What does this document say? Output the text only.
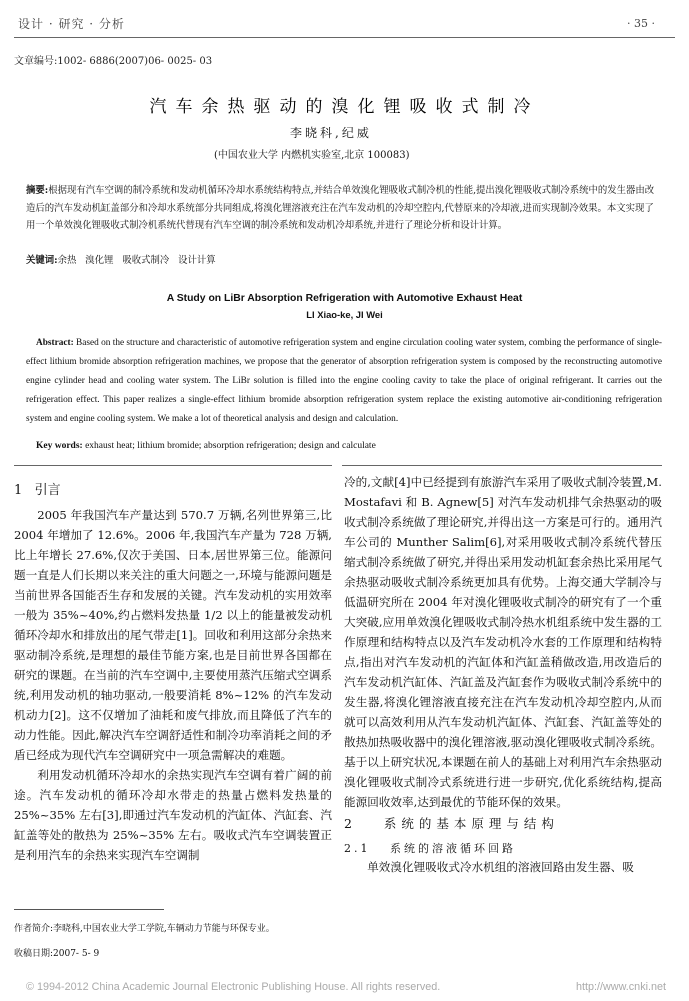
设计 · 研究 · 分析	· 35 ·
文章编号:1002- 6886(2007)06- 0025- 03
汽车余热驱动的溴化锂吸收式制冷
李晓科,纪威
(中国农业大学 内燃机实验室,北京 100083)
摘要:根据现有汽车空调的制冷系统和发动机循环冷却水系统结构特点,并结合单效溴化锂吸收式制冷机的性能,提出溴化锂吸收式制冷系统中的发生器由改造后的汽车发动机缸盖部分和冷却水系统部分共同组成,将溴化锂溶液充注在汽车发动机的冷却空腔内,代替原来的冷却液,进而实现制冷效果。本文实现了用一个单效溴化锂吸收式制冷机系统代替现有汽车空调的制冷系统和发动机冷却系统,并进行了理论分析和设计计算。
关键词:余热   溴化锂   吸收式制冷   设计计算
A Study on LiBr Absorption Refrigeration with Automotive Exhaust Heat
LI Xiao-ke, JI Wei
Abstract: Based on the structure and characteristic of automotive refrigeration system and engine circulation cooling water system, combing the performance of single-effect lithium bromide absorption refrigeration machines, we propose that the generator of absorption refrigeration system is composed by the reconstructing automotive engine cylinder head and cooling water system. The LiBr solution is filled into the engine cooling cavity to take the place of original refrigerant. It carries out the refrigeration effect. This paper realizes a single-effect lithium bromide absorption refrigeration system replace the existing automotive air-conditioning refrigeration system and engine cooling system. We make a lot of theoretical analysis and design and calculation.
Key words: exhaust heat; lithium bromide; absorption refrigeration; design and calculate
1   引言

2005 年我国汽车产量达到 570.7 万辆,名列世界第三,比 2004 年增加了 12.6%。2006 年,我国汽车产量为 728 万辆,比上年增长 27.6%,仅次于美国、日本,居世界第三位。能源问题一直是人们长期以来关注的重大问题之一,环境与能源问题是当前世界各国能否生存和发展的关键。汽车发动机的实用效率一般为 35%~40%,约占燃料发热量 1/2 以上的能量被发动机循环冷却水和排放出的尾气带走[1]。回收和利用这部分余热来驱动制冷系统,是理想的最佳节能方案,也是目前世界各国都在研究的课题。在当前的汽车空调中,主要使用蒸汽压缩式空调系统,利用发动机的轴功驱动,一般要消耗 8%~12% 的汽车发动机动力[2]。这不仅增加了油耗和废气排放,而且降低了汽车的动力性能。因此,解决汽车空调舒适性和制冷功率消耗之间的矛盾已经成为现代汽车空调研究中一项急需解决的难题。

利用发动机循环冷却水的余热实现汽车空调有着广阔的前途。汽车发动机的循环冷却水带走的热量占燃料发热量的 25%~35% 左右[3],即通过汽车发动机的汽缸体、汽缸套、汽缸盖等处的散热为 25%~35% 左右。吸收式汽车空调装置正是利用汽车的余热来实现汽车空调制

冷的,文献[4]中已经提到有旅游汽车采用了吸收式制冷装置,M. Mostafavi 和 B. Agnew[5] 对汽车发动机排气余热驱动的吸收式制冷系统做了理论研究,并得出这一方案是可行的。通用汽车公司的 Munther Salim[6],对采用吸收式制冷系统代替压缩式制冷系统做了研究,并得出采用发动机缸套余热比采用尾气余热驱动吸收式制冷系统更加具有优势。上海交通大学制冷与低温研究所在 2004 年对溴化锂吸收式制冷的研究有了一个重大突破,应用单效溴化锂吸收式制冷热水机组系统中发生器的工作原理和结构特点以及汽车发动机冷水套的工作原理和结构特点,指出对汽车发动机的汽缸体和汽缸盖稍做改造,用改造后的汽车发动机汽缸体、汽缸盖及汽缸套作为吸收式制冷系统中的发生器,将溴化锂溶液直接充注在汽车发动机冷却空腔内,从而就可以高效利用从汽车发动机汽缸体、汽缸套、汽缸盖等处的散热加热吸收器中的溴化锂溶液,驱动溴化锂吸收式制冷系统。基于以上研究状况,本课题在前人的基础上对利用汽车余热驱动溴化锂吸收式制冷式系统进行进一步研究,优化系统结构,提高能源回收效率,达到最优的节能环保的效果。

2   系统的基本原理与结构
2.1   系统的溶液循环回路
单效溴化锂吸收式冷水机组的溶液回路由发生器、吸
作者简介:李晓科,中国农业大学工学院,车辆动力节能与环保专业。
收稿日期:2007- 5- 9
© 1994-2012 China Academic Journal Electronic Publishing House. All rights reserved.	http://www.cnki.net
